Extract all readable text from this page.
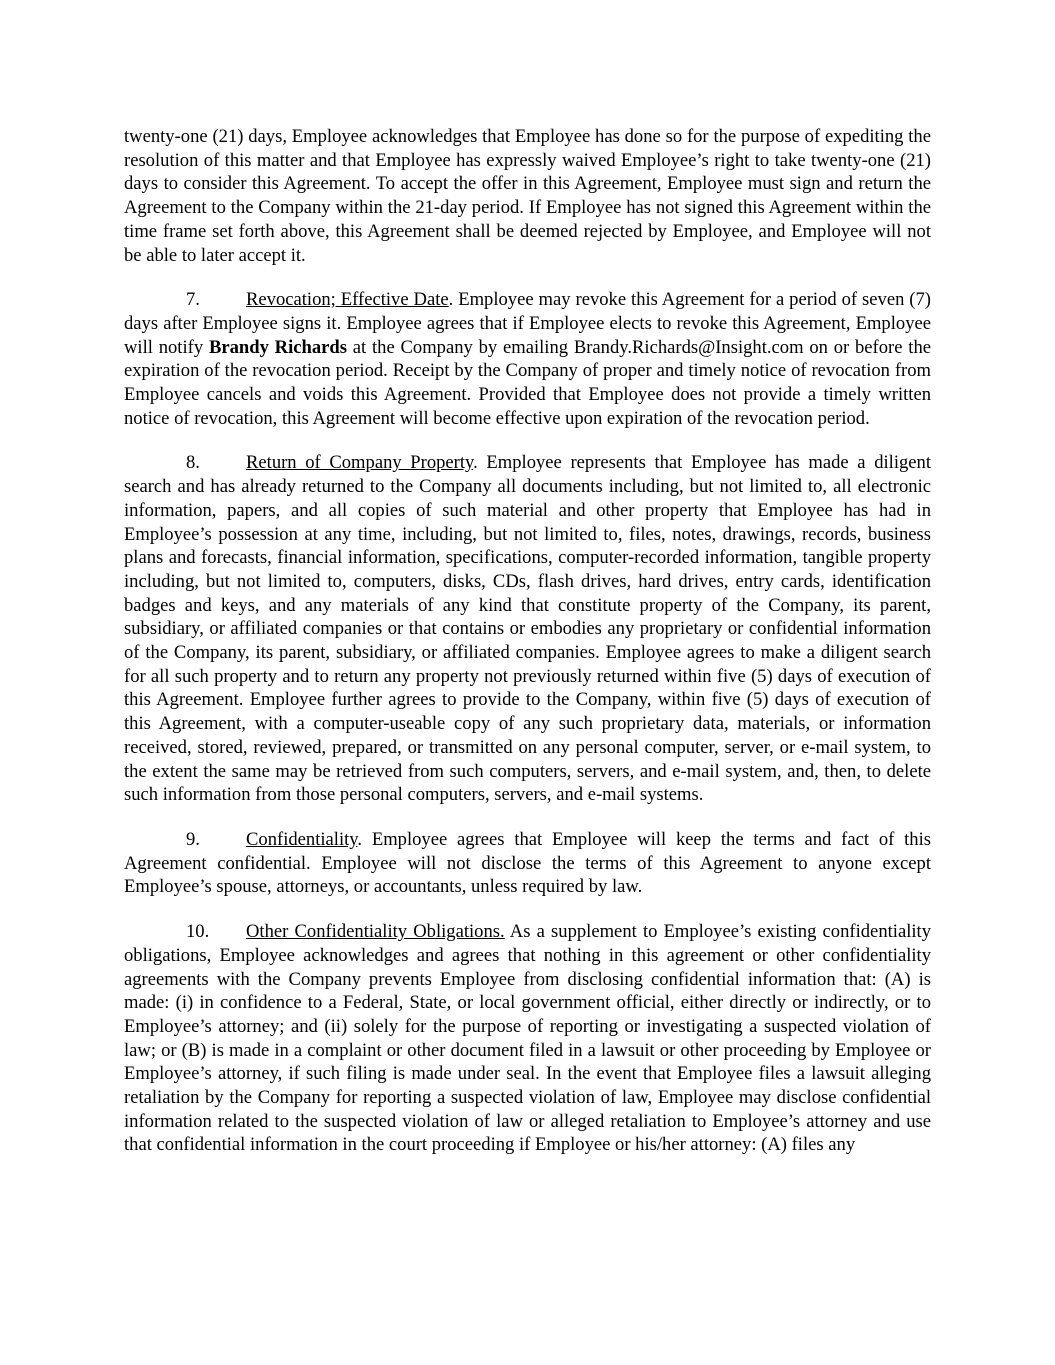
twenty-one (21) days, Employee acknowledges that Employee has done so for the purpose of expediting the resolution of this matter and that Employee has expressly waived Employee’s right to take twenty-one (21) days to consider this Agreement. To accept the offer in this Agreement, Employee must sign and return the Agreement to the Company within the 21-day period. If Employee has not signed this Agreement within the time frame set forth above, this Agreement shall be deemed rejected by Employee, and Employee will not be able to later accept it.

7. Revocation; Effective Date. Employee may revoke this Agreement for a period of seven (7) days after Employee signs it. Employee agrees that if Employee elects to revoke this Agreement, Employee will notify Brandy Richards at the Company by emailing Brandy.Richards@Insight.com on or before the expiration of the revocation period. Receipt by the Company of proper and timely notice of revocation from Employee cancels and voids this Agreement. Provided that Employee does not provide a timely written notice of revocation, this Agreement will become effective upon expiration of the revocation period.

8. Return of Company Property. Employee represents that Employee has made a diligent search and has already returned to the Company all documents including, but not limited to, all electronic information, papers, and all copies of such material and other property that Employee has had in Employee’s possession at any time, including, but not limited to, files, notes, drawings, records, business plans and forecasts, financial information, specifications, computer-recorded information, tangible property including, but not limited to, computers, disks, CDs, flash drives, hard drives, entry cards, identification badges and keys, and any materials of any kind that constitute property of the Company, its parent, subsidiary, or affiliated companies or that contains or embodies any proprietary or confidential information of the Company, its parent, subsidiary, or affiliated companies. Employee agrees to make a diligent search for all such property and to return any property not previously returned within five (5) days of execution of this Agreement. Employee further agrees to provide to the Company, within five (5) days of execution of this Agreement, with a computer-useable copy of any such proprietary data, materials, or information received, stored, reviewed, prepared, or transmitted on any personal computer, server, or e-mail system, to the extent the same may be retrieved from such computers, servers, and e-mail system, and, then, to delete such information from those personal computers, servers, and e-mail systems.

9. Confidentiality. Employee agrees that Employee will keep the terms and fact of this Agreement confidential. Employee will not disclose the terms of this Agreement to anyone except Employee’s spouse, attorneys, or accountants, unless required by law.

10. Other Confidentiality Obligations. As a supplement to Employee’s existing confidentiality obligations, Employee acknowledges and agrees that nothing in this agreement or other confidentiality agreements with the Company prevents Employee from disclosing confidential information that: (A) is made: (i) in confidence to a Federal, State, or local government official, either directly or indirectly, or to Employee’s attorney; and (ii) solely for the purpose of reporting or investigating a suspected violation of law; or (B) is made in a complaint or other document filed in a lawsuit or other proceeding by Employee or Employee’s attorney, if such filing is made under seal. In the event that Employee files a lawsuit alleging retaliation by the Company for reporting a suspected violation of law, Employee may disclose confidential information related to the suspected violation of law or alleged retaliation to Employee’s attorney and use that confidential information in the court proceeding if Employee or his/her attorney: (A) files any
